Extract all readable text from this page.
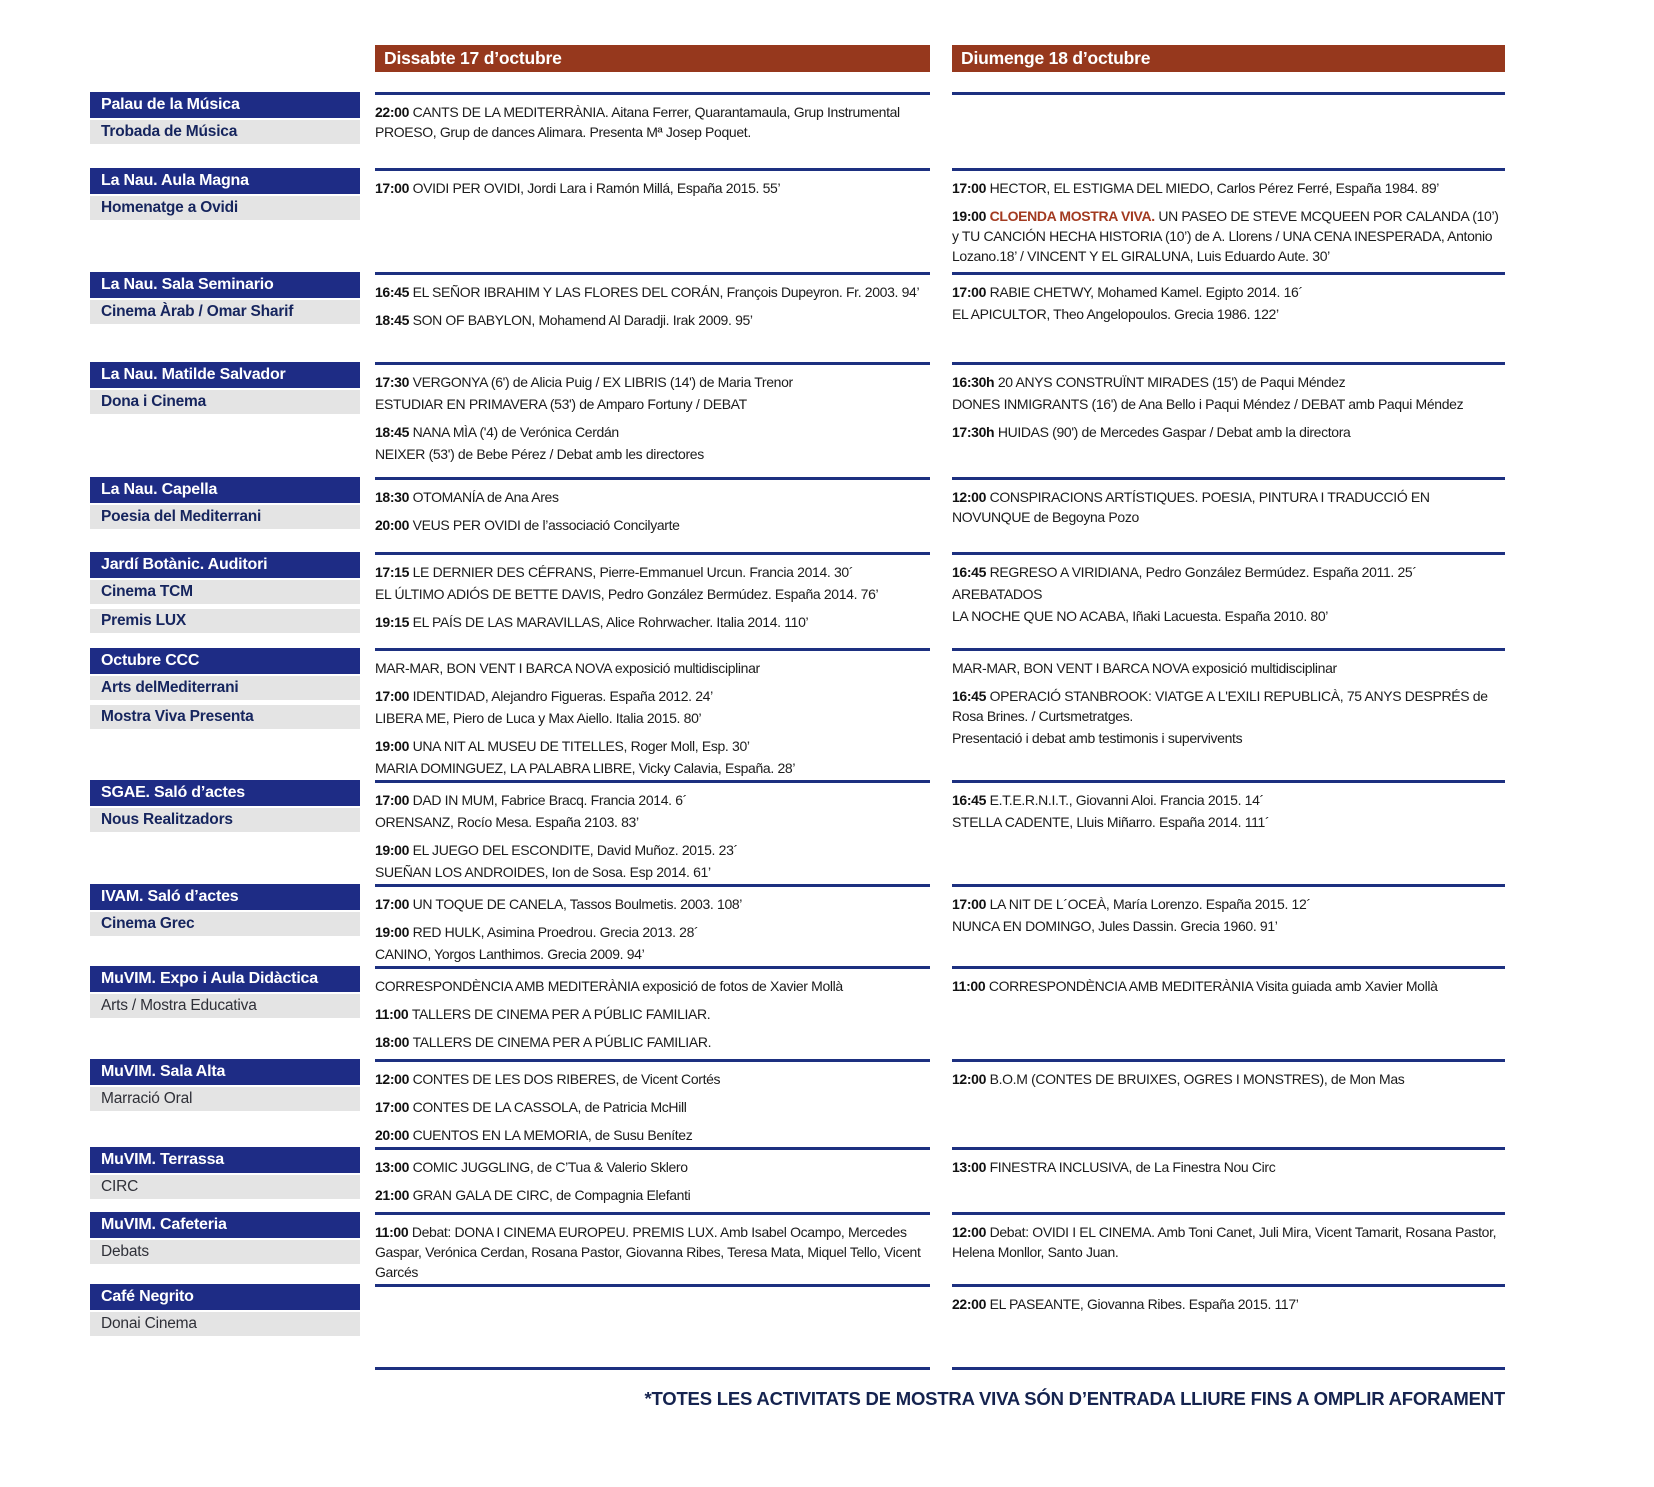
Dissabte 17 d’octubre	Diumenge 18 d’octubre
Palau de la Música
Trobada de Música

22:00 CANTS DE LA MEDITERRÀNIA. Aitana Ferrer, Quarantamaula, Grup Instrumental PROESO, Grup de dances Alimara. Presenta Mª Josep Poquet.

La Nau. Aula Magna
Homenatge a Ovidi

17:00 OVIDI PER OVIDI, Jordi Lara i Ramón Millá, España 2015. 55’	17:00 HECTOR, EL ESTIGMA DEL MIEDO, Carlos Pérez Ferré, España 1984. 89’

19:00 CLOENDA MOSTRA VIVA. UN PASEO DE STEVE MCQUEEN POR CALANDA (10’) y TU CANCIÓN HECHA HISTORIA (10’) de A. Llorens / UNA CENA INESPERADA, Antonio Lozano.18’ / VINCENT Y EL GIRALUNA, Luis Eduardo Aute. 30’

La Nau. Sala Seminario
Cinema Àrab / Omar Sharif

16:45 EL SEÑOR IBRAHIM Y LAS FLORES DEL CORÁN, François Dupeyron. Fr. 2003. 94’

18:45 SON OF BABYLON, Mohamend Al Daradji. Irak 2009. 95’

17:00 RABIE CHETWY, Mohamed Kamel. Egipto 2014. 16´

EL APICULTOR, Theo Angelopoulos. Grecia 1986. 122’

La Nau. Matilde Salvador
Dona i Cinema

17:30 VERGONYA (6') de Alicia Puig / EX LIBRIS (14') de Maria Trenor

ESTUDIAR EN PRIMAVERA (53') de Amparo Fortuny / DEBAT

18:45 NANA MÌA ('4) de Verónica Cerdán

NEIXER (53') de Bebe Pérez / Debat amb les directores

16:30h 20 ANYS CONSTRUÏNT MIRADES (15') de Paqui Méndez

DONES INMIGRANTS (16') de Ana Bello i Paqui Méndez / DEBAT amb Paqui Méndez

17:30h HUIDAS (90') de Mercedes Gaspar / Debat amb la directora

La Nau. Capella
Poesia del Mediterrani

18:30 OTOMANÍA de Ana Ares

20:00 VEUS PER OVIDI de l’associació Concilyarte

12:00 CONSPIRACIONS ARTÍSTIQUES. POESIA, PINTURA I TRADUCCIÓ EN NOVUNQUE de Begoyna Pozo

Jardí Botànic. Auditori
Cinema TCM
Premis LUX

17:15 LE DERNIER DES CÉFRANS, Pierre-Emmanuel Urcun. Francia 2014. 30´

EL ÚLTIMO ADIÓS DE BETTE DAVIS, Pedro González Bermúdez. España 2014. 76’

19:15 EL PAÍS DE LAS MARAVILLAS, Alice Rohrwacher. Italia 2014. 110’

16:45 REGRESO A VIRIDIANA, Pedro González Bermúdez. España 2011. 25´

AREBATADOS

LA NOCHE QUE NO ACABA, Iñaki Lacuesta. España 2010. 80’

Octubre CCC
Arts delMediterrani
Mostra Viva Presenta

MAR-MAR, BON VENT I BARCA NOVA exposició multidisciplinar

17:00 IDENTIDAD, Alejandro Figueras. España 2012. 24’

LIBERA ME, Piero de Luca y Max Aiello. Italia 2015. 80’

19:00 UNA NIT AL MUSEU DE TITELLES, Roger Moll, Esp. 30’

MARIA DOMINGUEZ, LA PALABRA LIBRE, Vicky Calavia, España. 28’

MAR-MAR, BON VENT I BARCA NOVA exposició multidisciplinar

16:45 OPERACIÓ STANBROOK: VIATGE A L'EXILI REPUBLICÀ, 75 ANYS DESPRÉS de Rosa Brines. / Curtsmetratges.

Presentació i debat amb testimonis i supervivents

SGAE. Saló d’actes
Nous Realitzadors

17:00 DAD IN MUM, Fabrice Bracq. Francia 2014. 6´

ORENSANZ, Rocío Mesa. España 2103. 83’

19:00 EL JUEGO DEL ESCONDITE, David Muñoz. 2015. 23´

SUEÑAN LOS ANDROIDES, Ion de Sosa. Esp 2014. 61’

16:45 E.T.E.R.N.I.T., Giovanni Aloi. Francia 2015. 14´

STELLA CADENTE, Lluis Miñarro. España 2014. 111´

IVAM. Saló d’actes
Cinema Grec

17:00 UN TOQUE DE CANELA, Tassos Boulmetis. 2003. 108’

19:00 RED HULK, Asimina Proedrou. Grecia 2013. 28´

CANINO, Yorgos Lanthimos. Grecia 2009. 94’

17:00 LA NIT DE L´OCEÀ, María Lorenzo. España 2015. 12´

NUNCA EN DOMINGO, Jules Dassin. Grecia 1960. 91’

MuVIM. Expo i Aula Didàctica
Arts / Mostra Educativa

CORRESPONDÈNCIA AMB MEDITERÀNIA exposició de fotos de Xavier Mollà

11:00 TALLERS DE CINEMA PER A PÚBLIC FAMILIAR.

18:00 TALLERS DE CINEMA PER A PÚBLIC FAMILIAR.

11:00 CORRESPONDÈNCIA AMB MEDITERÀNIA Visita guiada amb Xavier Mollà

MuVIM. Sala Alta
Marració Oral

12:00 CONTES DE LES DOS RIBERES, de Vicent Cortés

17:00 CONTES DE LA CASSOLA, de Patricia McHill

20:00 CUENTOS EN LA MEMORIA, de Susu Benítez

12:00 B.O.M (CONTES DE BRUIXES, OGRES I MONSTRES), de Mon Mas

MuVIM. Terrassa
CIRC

13:00 COMIC JUGGLING, de C’Tua & Valerio Sklero

21:00 GRAN GALA DE CIRC, de Compagnia Elefanti

13:00 FINESTRA INCLUSIVA, de La Finestra Nou Circ

MuVIM. Cafeteria
Debats

11:00 Debat: DONA I CINEMA EUROPEU. PREMIS LUX. Amb Isabel Ocampo, Mercedes Gaspar, Verónica Cerdan, Rosana Pastor, Giovanna Ribes, Teresa Mata, Miquel Tello, Vicent Garcés

12:00 Debat: OVIDI I EL CINEMA. Amb Toni Canet, Juli Mira, Vicent Tamarit, Rosana Pastor, Helena Monllor, Santo Juan.

Café Negrito
Donai Cinema

22:00 EL PASEANTE, Giovanna Ribes. España 2015. 117’

*TOTES LES ACTIVITATS DE MOSTRA VIVA SÓN D’ENTRADA LLIURE FINS A OMPLIR AFORAMENT
